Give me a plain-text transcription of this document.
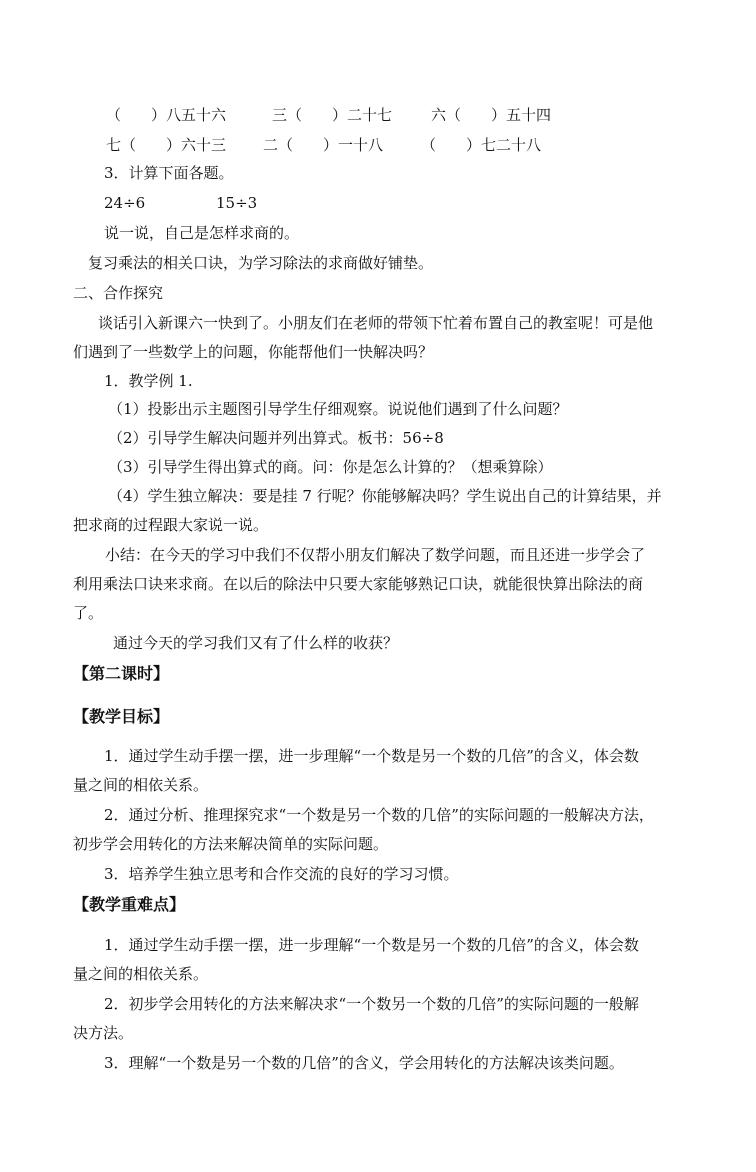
（　　）八五十六	三（　　）二十七	六（　　）五十四
七（　　）六十三 二（　　）一十八	（　　）七二十八
3．计算下面各题。
24÷6	15÷3
说一说，自己是怎样求商的。
复习乘法的相关口诀，为学习除法的求商做好铺垫。
二、合作探究
谈话引入新课六一快到了。小朋友们在老师的带领下忙着布置自己的教室呢！可是他
们遇到了一些数学上的问题，你能帮他们一快解决吗？
1．教学例 1.
（1）投影出示主题图引导学生仔细观察。说说他们遇到了什么问题？
（2）引导学生解决问题并列出算式。板书：56÷8
（3）引导学生得出算式的商。问：你是怎么计算的？（想乘算除）
（4）学生独立解决：要是挂 7 行呢？你能够解决吗？学生说出自己的计算结果，并
把求商的过程跟大家说一说。
小结：在今天的学习中我们不仅帮小朋友们解决了数学问题，而且还进一步学会了
利用乘法口诀来求商。在以后的除法中只要大家能够熟记口诀，就能很快算出除法的商
了。
通过今天的学习我们又有了什么样的收获？
【第二课时】
【教学目标】
1．通过学生动手摆一摆，进一步理解“一个数是另一个数的几倍”的含义，体会数
量之间的相依关系。
2．通过分析、推理探究求“一个数是另一个数的几倍”的实际问题的一般解决方法，
初步学会用转化的方法来解决简单的实际问题。
3．培养学生独立思考和合作交流的良好的学习习惯。
【教学重难点】
1．通过学生动手摆一摆，进一步理解“一个数是另一个数的几倍”的含义，体会数
量之间的相依关系。
2．初步学会用转化的方法来解决求“一个数另一个数的几倍”的实际问题的一般解
决方法。
3．理解“一个数是另一个数的几倍”的含义，学会用转化的方法解决该类问题。
